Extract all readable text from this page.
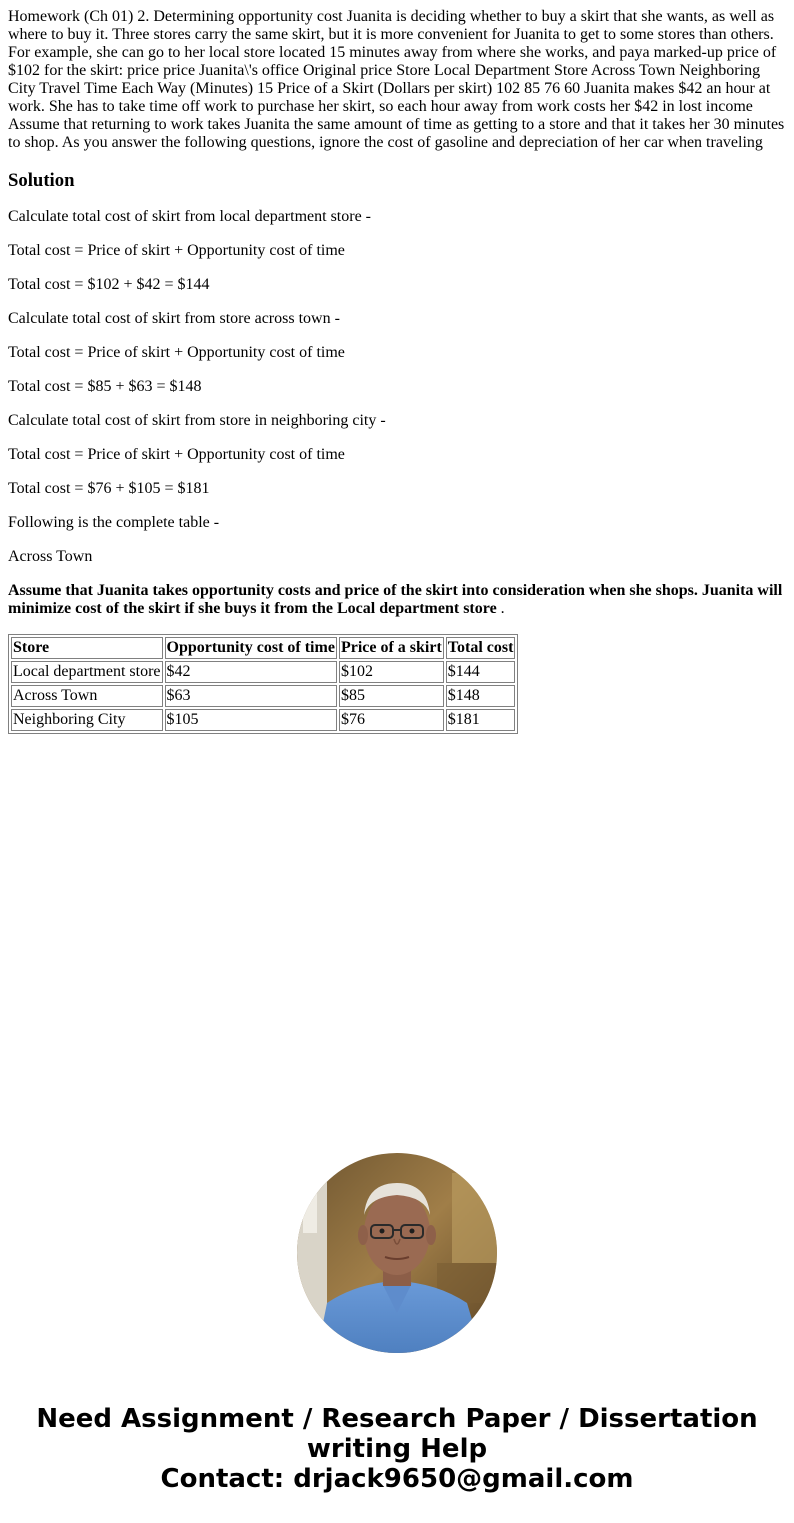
Homework (Ch 01) 2. Determining opportunity cost Juanita is deciding whether to buy a skirt that she wants, as well as where to buy it. Three stores carry the same skirt, but it is more convenient for Juanita to get to some stores than others. For example, she can go to her local store located 15 minutes away from where she works, and paya marked-up price of $102 for the skirt: price price Juanita\'s office Original price Store Local Department Store Across Town Neighboring City Travel Time Each Way (Minutes) 15 Price of a Skirt (Dollars per skirt) 102 85 76 60 Juanita makes $42 an hour at work. She has to take time off work to purchase her skirt, so each hour away from work costs her $42 in lost income Assume that returning to work takes Juanita the same amount of time as getting to a store and that it takes her 30 minutes to shop. As you answer the following questions, ignore the cost of gasoline and depreciation of her car when traveling
Solution

Calculate total cost of skirt from local department store -

Total cost = Price of skirt + Opportunity cost of time

Total cost = $102 + $42 = $144

Calculate total cost of skirt from store across town -

Total cost = Price of skirt + Opportunity cost of time

Total cost = $85 + $63 = $148

Calculate total cost of skirt from store in neighboring city -

Total cost = Price of skirt + Opportunity cost of time

Total cost = $76 + $105 = $181

Following is the complete table -

Across Town

Assume that Juanita takes opportunity costs and price of the skirt into consideration when she shops. Juanita will minimize cost of the skirt if she buys it from the Local department store .

Store	Opportunity cost of time	Price of a skirt	Total cost
Local department store	$42	$102	$144
Across Town	$63	$85	$148
Neighboring City	$105	$76	$181
Need Assignment / Research Paper / Dissertation
writing Help
Contact: drjack9650@gmail.com
